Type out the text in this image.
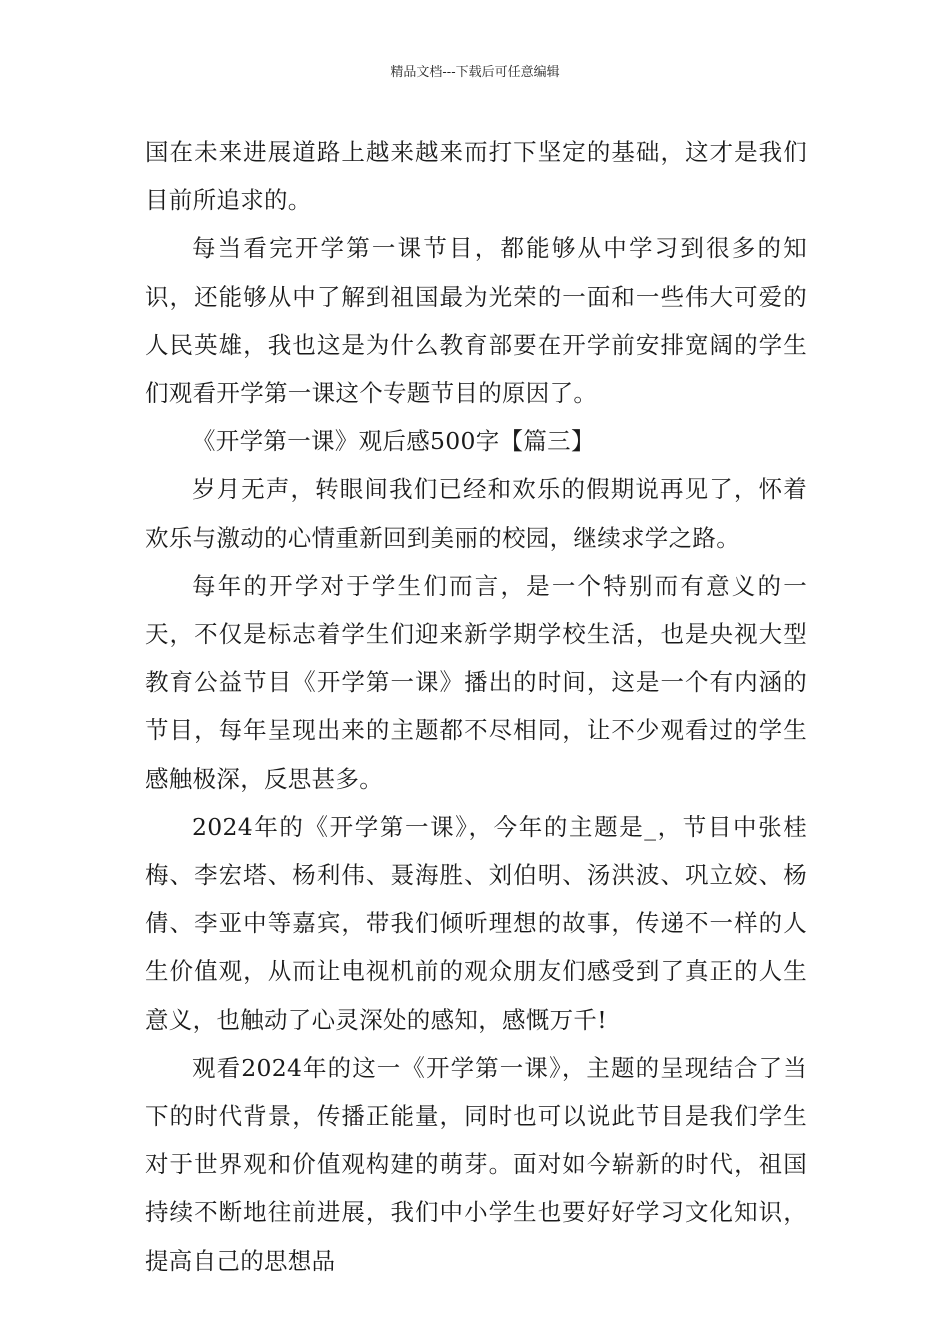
精品文档---下载后可任意编辑

国在未来进展道路上越来越来而打下坚定的基础，这才是我们目前所追求的。

每当看完开学第一课节目，都能够从中学习到很多的知识，还能够从中了解到祖国最为光荣的一面和一些伟大可爱的人民英雄，我也这是为什么教育部要在开学前安排宽阔的学生们观看开学第一课这个专题节目的原因了。

《开学第一课》观后感500字【篇三】

岁月无声，转眼间我们已经和欢乐的假期说再见了，怀着欢乐与激动的心情重新回到美丽的校园，继续求学之路。

每年的开学对于学生们而言，是一个特别而有意义的一天，不仅是标志着学生们迎来新学期学校生活，也是央视大型教育公益节目《开学第一课》播出的时间，这是一个有内涵的节目，每年呈现出来的主题都不尽相同，让不少观看过的学生感触极深，反思甚多。

2024年的《开学第一课》，今年的主题是_，节目中张桂梅、李宏塔、杨利伟、聂海胜、刘伯明、汤洪波、巩立姣、杨倩、李亚中等嘉宾，带我们倾听理想的故事，传递不一样的人生价值观，从而让电视机前的观众朋友们感受到了真正的人生意义，也触动了心灵深处的感知，感慨万千!

观看2024年的这一《开学第一课》，主题的呈现结合了当下的时代背景，传播正能量，同时也可以说此节目是我们学生对于世界观和价值观构建的萌芽。面对如今崭新的时代，祖国持续不断地往前进展，我们中小学生也要好好学习文化知识，提高自己的思想品
